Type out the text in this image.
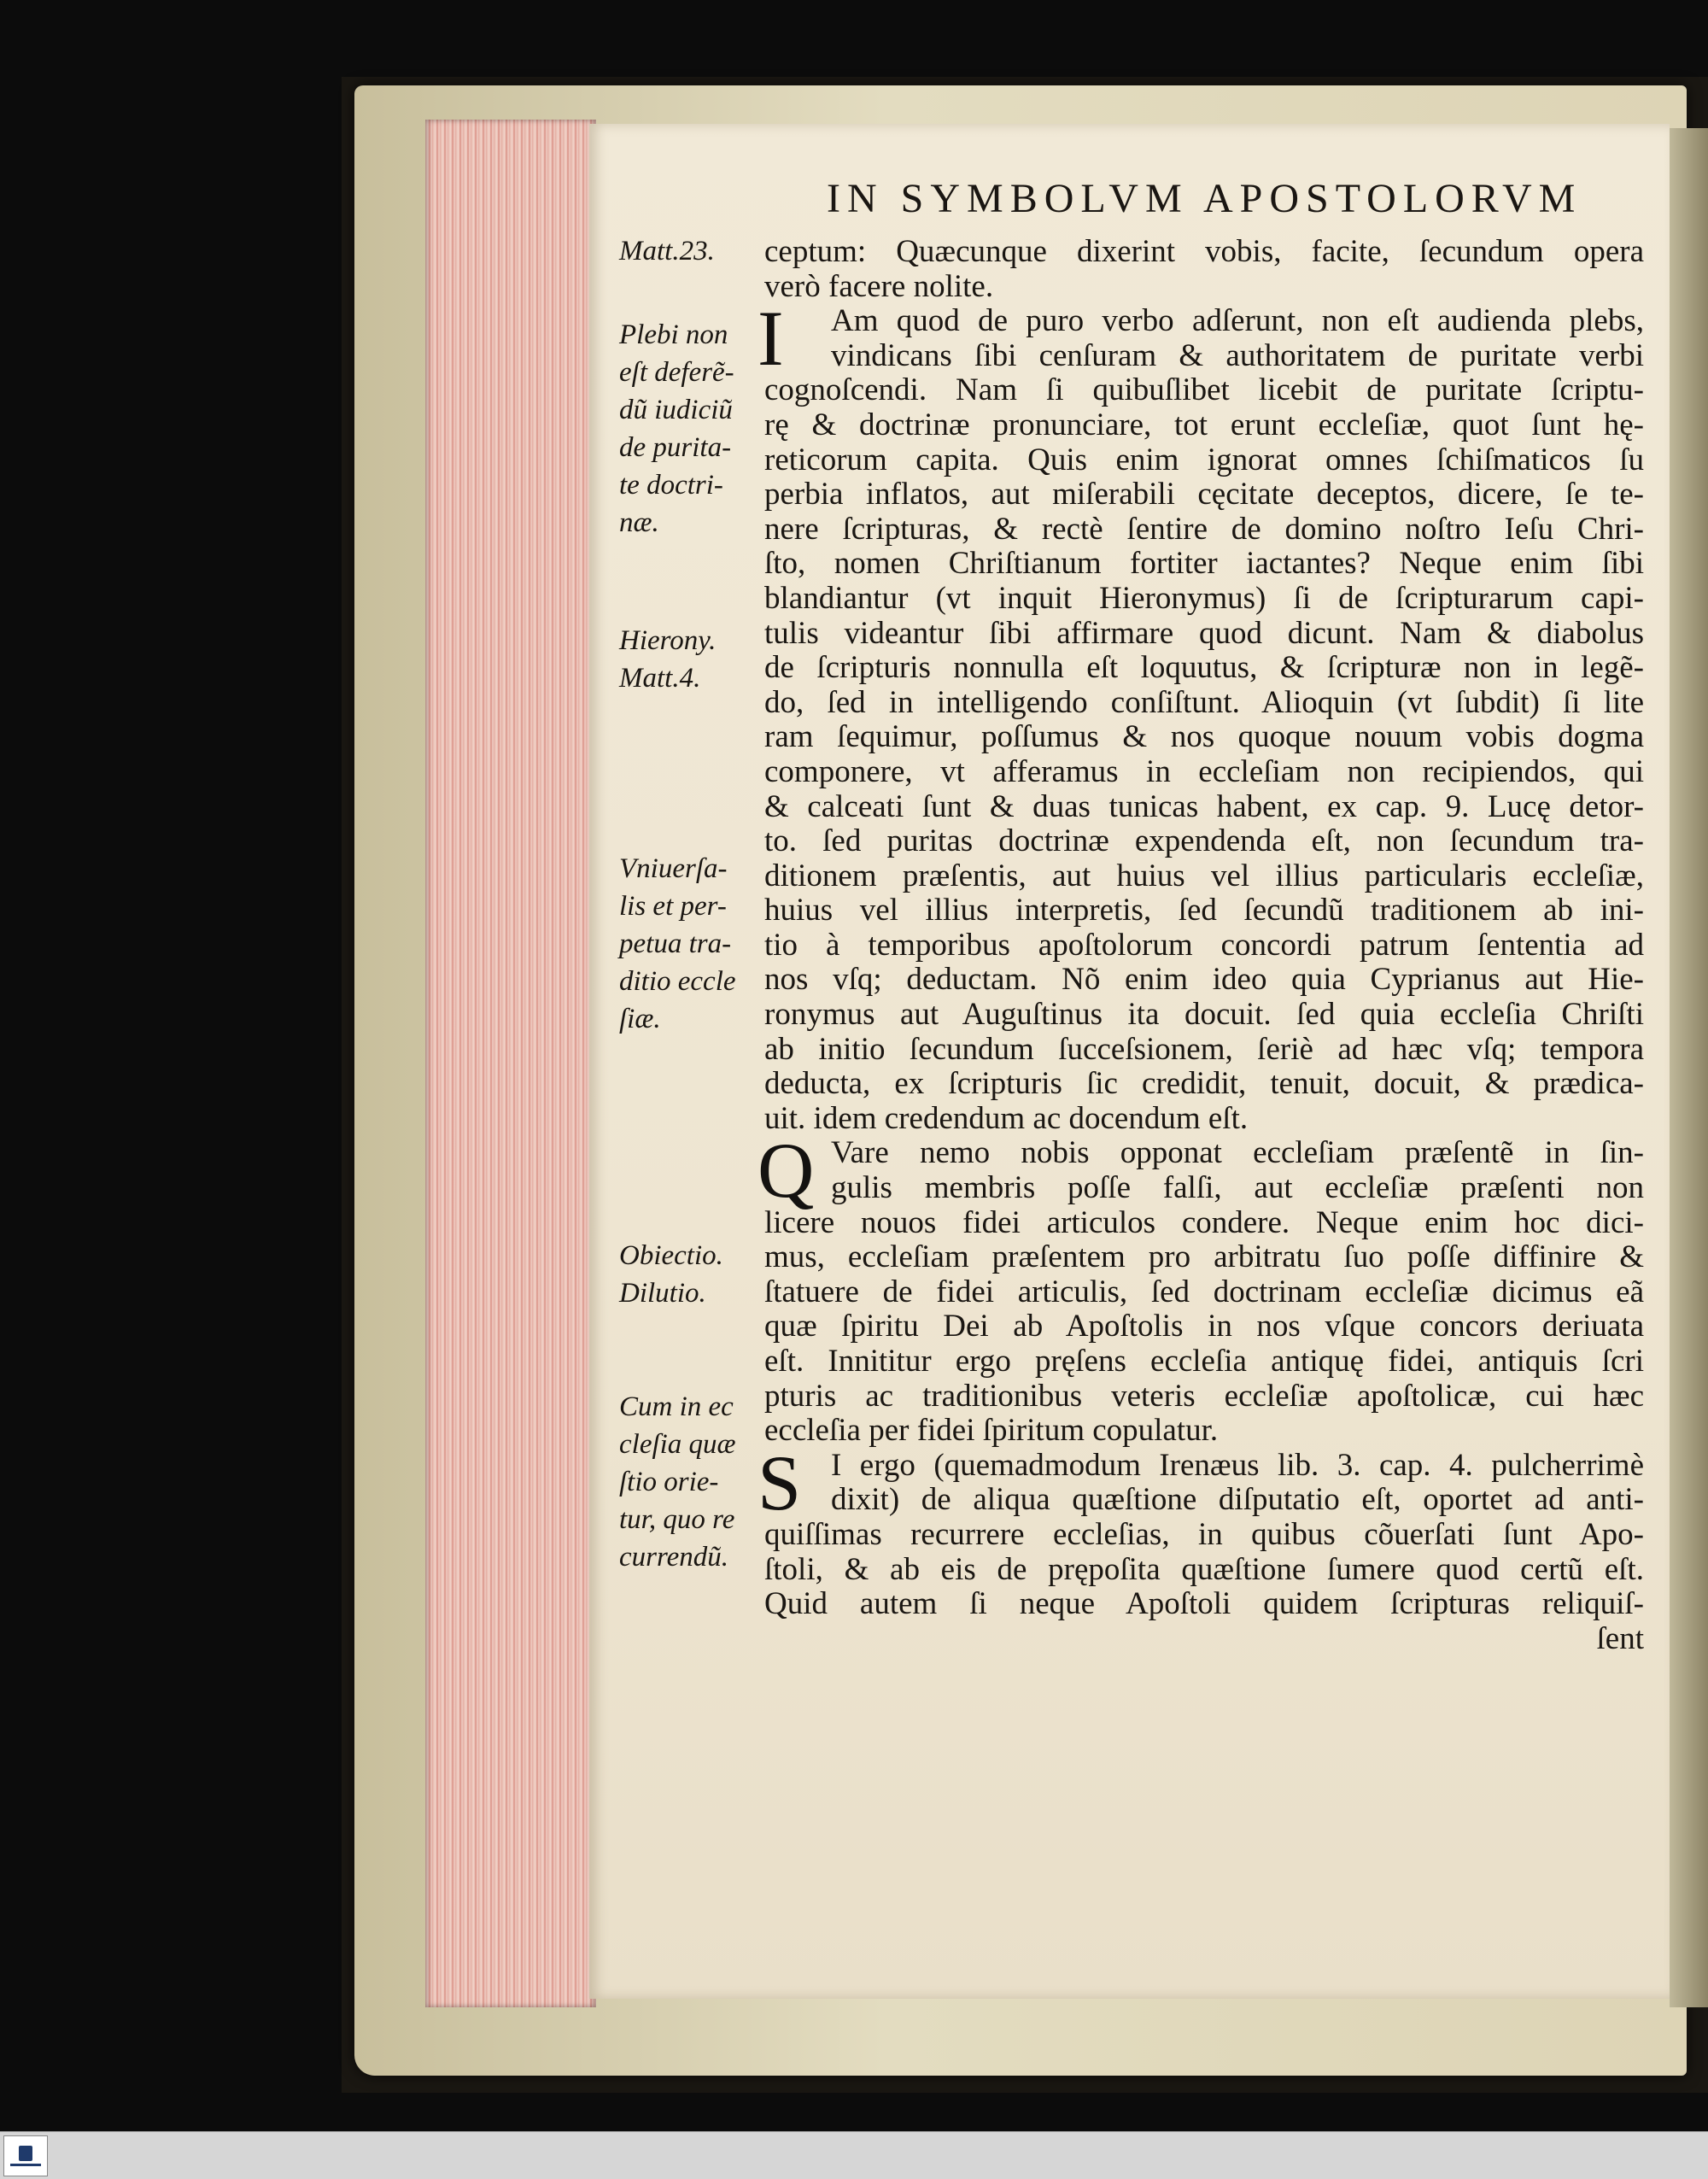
IN SYMBOLVM APOSTOLORVM
ceptum: Quæcunque dixerint vobis, facite, ſecundum opera
verò facere nolite.
I Am quod de puro verbo adſerunt, non eſt audienda plebs,
vindicans ſibi cenſuram & authoritatem de puritate verbi
cognoſcendi. Nam ſi quibuſlibet licebit de puritate ſcriptu-
rę & doctrinæ pronunciare, tot erunt eccleſiæ, quot ſunt hę-
reticorum capita. Quis enim ignorat omnes ſchiſmaticos ſu
perbia inflatos, aut miſerabili cęcitate deceptos, dicere, ſe te-
nere ſcripturas, & rectè ſentire de domino noſtro Ieſu Chri-
ſto, nomen Chriſtianum fortiter iactantes? Neque enim ſibi
blandiantur (vt inquit Hieronymus) ſi de ſcripturarum capi-
tulis videantur ſibi affirmare quod dicunt. Nam & diabolus
de ſcripturis nonnulla eſt loquutus, & ſcripturæ non in legẽ-
do, ſed in intelligendo conſiſtunt. Alioquin (vt ſubdit) ſi lite
ram ſequimur, poſſumus & nos quoque nouum vobis dogma
componere, vt afferamus in eccleſiam non recipiendos, qui
& calceati ſunt & duas tunicas habent, ex cap. 9. Lucę detor-
to. ſed puritas doctrinæ expendenda eſt, non ſecundum tra-
ditionem præſentis, aut huius vel illius particularis eccleſiæ,
huius vel illius interpretis, ſed ſecundũ traditionem ab ini-
tio à temporibus apoſtolorum concordi patrum ſententia ad
nos vſq; deductam. Nõ enim ideo quia Cyprianus aut Hie-
ronymus aut Auguſtinus ita docuit. ſed quia eccleſia Chriſti
ab initio ſecundum ſucceſsionem, ſeriè ad hæc vſq; tempora
deducta, ex ſcripturis ſic credidit, tenuit, docuit, & prædica-
uit. idem credendum ac docendum eſt.
Q Vare nemo nobis opponat eccleſiam præſentẽ in ſin-
gulis membris poſſe falſi, aut eccleſiæ præſenti non
licere nouos fidei articulos condere. Neque enim hoc dici-
mus, eccleſiam præſentem pro arbitratu ſuo poſſe diffinire &
ſtatuere de fidei articulis, ſed doctrinam eccleſiæ dicimus eã
quæ ſpiritu Dei ab Apoſtolis in nos vſque concors deriuata
eſt. Innititur ergo pręſens eccleſia antiquę fidei, antiquis ſcri
pturis ac traditionibus veteris eccleſiæ apoſtolicæ, cui hæc
eccleſia per fidei ſpiritum copulatur.
S I ergo (quemadmodum Irenæus lib. 3. cap. 4. pulcherrimè
dixit) de aliqua quæſtione diſputatio eſt, oportet ad anti-
quiſſimas recurrere eccleſias, in quibus cõuerſati ſunt Apo-
ſtoli, & ab eis de prępoſita quæſtione ſumere quod certũ eſt.
Quid autem ſi neque Apoſtoli quidem ſcripturas reliquiſ-
ſent
Matt.23.
Plebi non
eſt deferẽ-
dũ iudiciũ
de purita-
te doctri-
næ.
Hierony.
Matt.4.
Vniuerſa-
lis et per-
petua tra-
ditio eccle
ſiæ.
Obiectio.
Dilutio.
Cum in ec
cleſia quæ
ſtio orie-
tur, quo re
currendũ.
